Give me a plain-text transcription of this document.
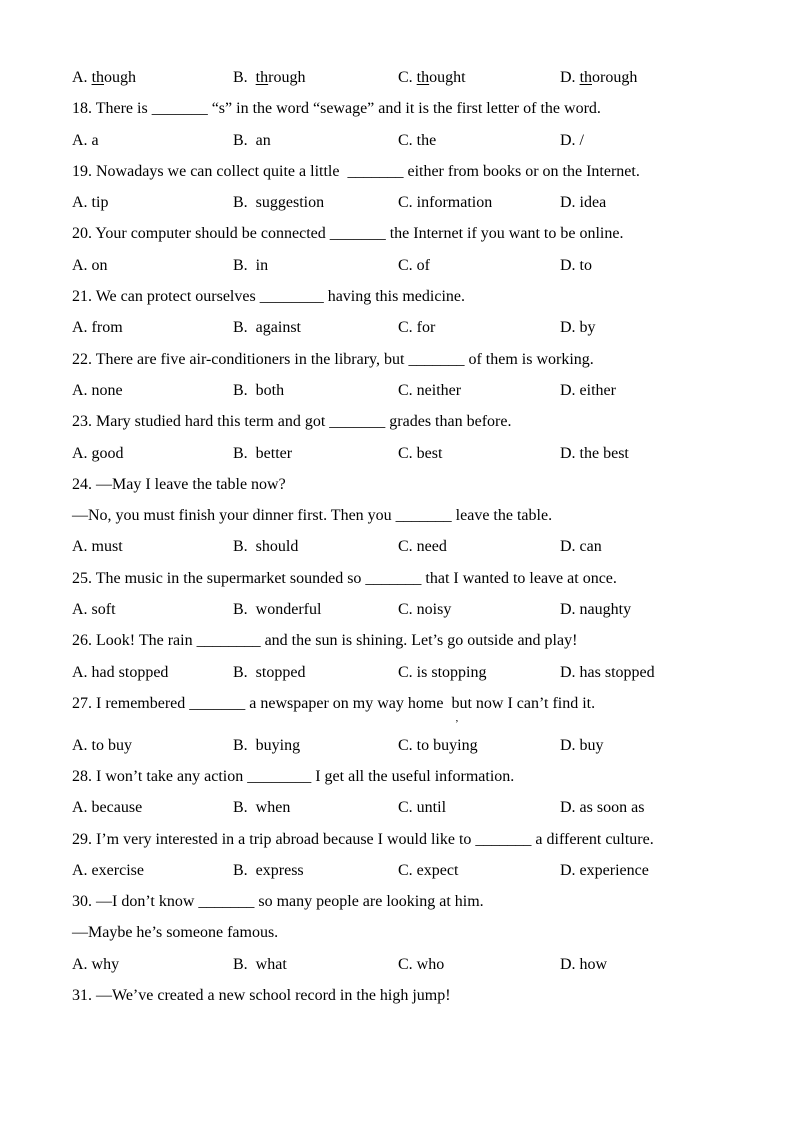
A. though	B.  through	C. thought	D. thorough
18. There is _______ “s” in the word “sewage” and it is the first letter of the word.
A. a	B.  an	C. the	D. /
19. Nowadays we can collect quite a little  _______ either from books or on the Internet.
A. tip	B.  suggestion	C. information	D. idea
20. Your computer should be connected _______ the Internet if you want to be online.
A. on	B.  in	C. of	D. to
21. We can protect ourselves ________ having this medicine.
A. from	B.  against	C. for	D. by
22. There are five air-conditioners in the library, but _______ of them is working.
A. none	B.  both	C. neither	D. either
23. Mary studied hard this term and got _______ grades than before.
A. good	B.  better	C. best	D. the best
24. —May I leave the table now?
—No, you must finish your dinner first. Then you _______ leave the table.
A. must	B.  should	C. need	D. can
25. The music in the supermarket sounded so _______ that I wanted to leave at once.
A. soft	B.  wonderful	C. noisy	D. naughty
26. Look! The rain ________ and the sun is shining. Let’s go outside and play!
A. had stopped	B.  stopped	C. is stopping	D. has stopped
27. I remembered _______ a newspaper on my way home  but now I can’t find it.
’
A. to buy	B.  buying	C. to buying	D. buy
28. I won’t take any action ________ I get all the useful information.
A. because	B.  when	C. until	D. as soon as
29. I’m very interested in a trip abroad because I would like to _______ a different culture.
A. exercise	B.  express	C. expect	D. experience
30. —I don’t know _______ so many people are looking at him.
—Maybe he’s someone famous.
A. why	B.  what	C. who	D. how
31. —We’ve created a new school record in the high jump!
